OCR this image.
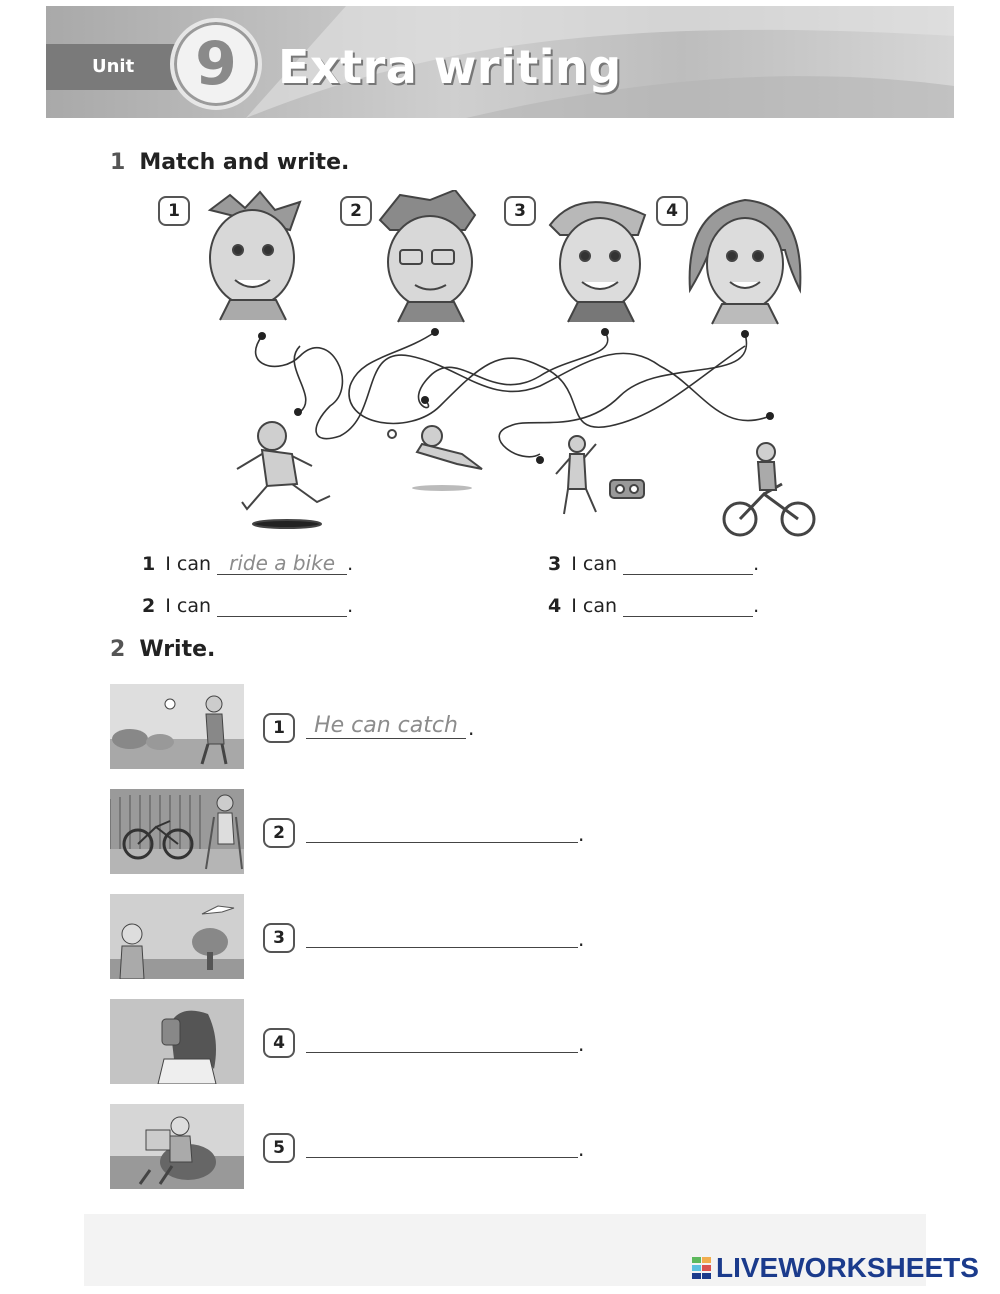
Unit	9 Extra writing
1 Match and write.
1	2	3	4
1 I can ride a bike .
2 I can	.
3 I can	.
4 I can	.
2 Write.
1	He can catch .
2	.
3	.
4	.
5	.
LIVEWORKSHEETS
